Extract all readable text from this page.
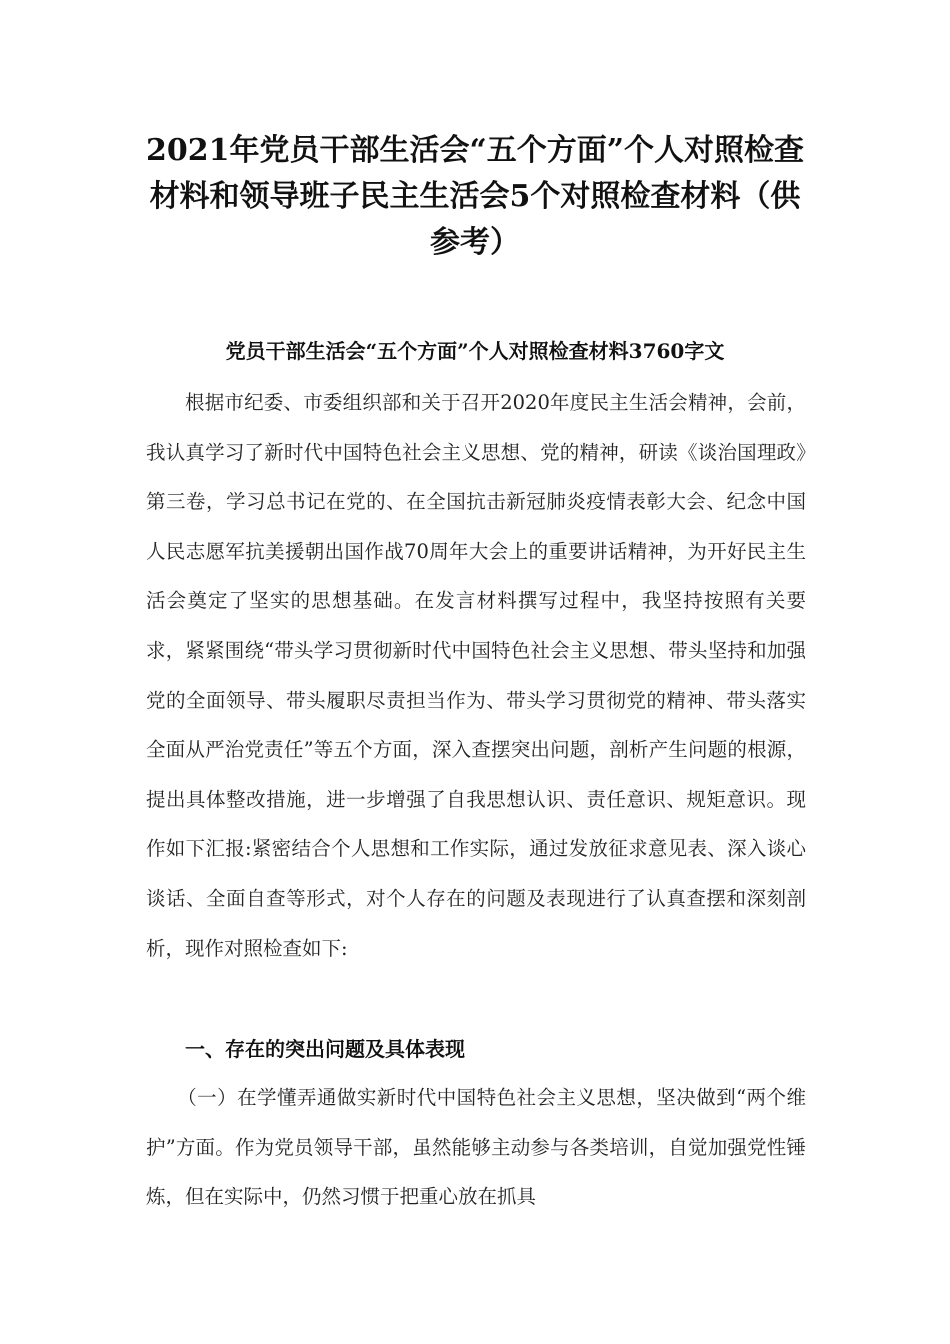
2021年党员干部生活会“五个方面”个人对照检查材料和领导班子民主生活会5个对照检查材料（供参考）
党员干部生活会“五个方面”个人对照检查材料3760字文

根据市纪委、市委组织部和关于召开2020年度民主生活会精神，会前，我认真学习了新时代中国特色社会主义思想、党的精神，研读《谈治国理政》第三卷，学习总书记在党的、在全国抗击新冠肺炎疫情表彰大会、纪念中国人民志愿军抗美援朝出国作战70周年大会上的重要讲话精神，为开好民主生活会奠定了坚实的思想基础。在发言材料撰写过程中，我坚持按照有关要求，紧紧围绕“带头学习贯彻新时代中国特色社会主义思想、带头坚持和加强党的全面领导、带头履职尽责担当作为、带头学习贯彻党的精神、带头落实全面从严治党责任”等五个方面，深入查摆突出问题，剖析产生问题的根源，提出具体整改措施，进一步增强了自我思想认识、责任意识、规矩意识。现作如下汇报:紧密结合个人思想和工作实际，通过发放征求意见表、深入谈心谈话、全面自查等形式，对个人存在的问题及表现进行了认真查摆和深刻剖析，现作对照检查如下:

一、存在的突出问题及具体表现

（一）在学懂弄通做实新时代中国特色社会主义思想，坚决做到“两个维护”方面。作为党员领导干部，虽然能够主动参与各类培训，自觉加强党性锤炼，但在实际中，仍然习惯于把重心放在抓具
